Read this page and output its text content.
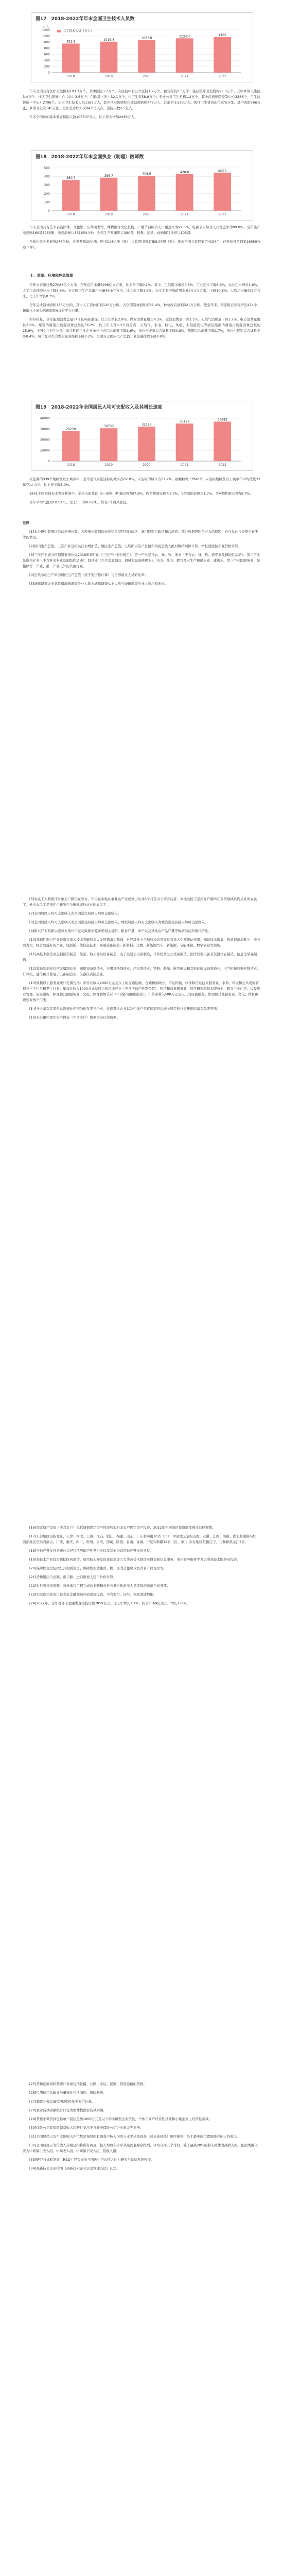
图17　2018-2022年年末全国卫生技术人员数
万人
0
200
400
600
800
1000
1200
1400
952.9
2018
1015.4
2019
1067.8
2020
1124.4
2021
1165
2022
卫生技术人员（万人）

年末全国共有医疗卫生机构103.3万个，其中医院3.7万个，在医院中有公立医院1.2万个，民营医院2.5万个；基层医疗卫生机构98.0万个，其中乡镇卫生院3.4万个，社区卫生服务中心（站）3.6万个，门诊部（所）32.1万个，村卫生室58.8万个；专业公共卫生机构1.2万个，其中疾病预防控制中心3386个，卫生监督所（中心）2796个。年末卫生技术人员1165万人，其中执业医师和执业助理医师443万人，注册护士520万人。医疗卫生机构床位975万张，其中医院766万张，乡镇卫生院145万张。全年总诊疗人次84.0亿人次，出院人数2.5亿人。

年末全国参加基本养老保险人数105307万人，比上年末增加2436万人。

图18　2018-2022年年末全国执业（助理）医师数
0
100
200
300
400
500
360.7
2018
386.7
2019
408.6
2020
428.8
2021
443.5
2022

年末全国共有艺术表演团体、文化馆、公共图书馆、博物馆等文化机构。广播节目综合人口覆盖率为99.6%，电视节目综合人口覆盖率为99.8%。全年生产电视剧160部5283集，电视动画片331850分钟。全年生产故事影片380部，科教、纪录、动画和特种影片105部。

全年出版各类报纸277亿份，各类期刊20亿册，图书114亿册（张），人均图书拥有量8.07册（张）。年末全国共有档案馆4154个，已开放各类档案18659万卷（件）。

十、资源、环境和应急管理

全年水资源总量27088亿立方米。全年总用水量5998亿立方米，比上年下降0.1%。其中，生活用水增长0.3%，工业用水下降5.3%，农业用水增长1.6%，人工生态环境补水下降5.6%。万元国内生产总值用水量49.6立方米，比上年下降1.6%。万元工业增加值用水量24.1立方米，下降10.8%。人均用水量425立方米，比上年增长0.3%。

全年完成造林面积383万公顷，其中人工造林面积120万公顷，占全部造林面积的31.4%。种草改良面积321万公顷。截至年末，国家级自然保护区474个。新增水土流失治理面积6.3万平方公里。

初步核算，全年能源消费总量54.1亿吨标准煤，比上年增长2.9%。煤炭消费量增长4.3%，原油消费量下降3.1%，天然气消费量下降1.2%，电力消费量增长3.6%。煤炭消费量占能源消费总量的56.2%，比上年上升0.3个百分点；天然气、水电、核电、风电、太阳能发电等清洁能源消费量占能源消费总量的25.9%，上升0.4个百分点。重点耗能工业企业单位电石综合能耗下降1.6%，单位合成氨综合能耗下降0.8%，吨钢综合能耗下降1.7%，单位电解铝综合能耗下降0.4%，每千瓦时火力发电标准煤耗下降0.2%。全国万元国内生产总值二氧化碳排放下降0.8%。

图19　2018-2022年全国居民人均可支配收入及其增长速度
0
10000
20000
30000
40000
28228
2018
30733
2019
32189
2020
35128
2021
36883
2022

在监测的339个地级及以上城市中，全年空气质量达标的城市占62.8%，未达标的城市占37.2%。细颗粒物（PM2.5）未达标地级及以上城市年平均浓度32微克/立方米，比上年下降3.0%。

3641个国家地表水考核断面中，全年水质优良（I～III类）断面比例为87.9%，IV类断面比例为9.7%，V类断面比例为1.7%，劣V类断面比例为0.7%。

全年平均气温为10.51℃，比上年下降0.02℃。共有5个台风登陆。

注释：

[1]本公报中数据均为初步统计数。各项统计数据均未包括香港特别行政区、澳门特别行政区和台湾省。部分数据因四舍五入的原因，存在总计与分项合计不等的情况。

[2]国内生产总值、三次产业及相关行业增加值、地区生产总值、人均国内生产总值和国民总收入绝对数按现价计算，增长速度按不变价格计算。

[3]三次产业划分依据国家统计局2018年修订的《三次产业划分规定》。第一产业是指农、林、牧、渔业（不含农、林、牧、渔专业及辅助性活动）。第二产业是指采矿业（不含开采专业及辅助性活动），制造业（不含金属制品、机械和设备修理业），电力、热力、燃气及水生产和供应业，建筑业。第三产业即服务业，是指除第一产业、第二产业以外的其他行业。

[4]全员劳动生产率为国内生产总值（按不变价格计算）与全部就业人员的比率。

[5]城镇调查失业率是指城镇调查失业人数占城镇调查从业人数与城镇调查失业人数之和的比。

[6]农民工人数统计对象为户籍仍在农村，年内在本地从事非农产业或外出从业6个月及以上的劳动者。本地农民工是指在户籍所在乡镇地域以内从业的农民工；外出农民工是指在户籍所在乡镇地域外从业的农民工。

[7]全国居民人均可支配收入为全国常住居民人均可支配收入。

[8]全国居民人均可支配收入为全国常住居民人均可支配收入，城镇居民人均可支配收入为城镇常住居民人均可支配收入。

[9]新兴产业和新兴服务业统计口径及数据来源详见相关说明。粮食产量、单产以及其他农产品产量等数据为初步统计结果。

[10]战略性新兴产业是指以重大技术突破和重大发展需求为基础，对经济社会全局和长远发展具有重大引领带动作用，知识技术密集、物质资源消耗少、成长潜力大、综合效益好的产业，包括新一代信息技术、高端装备制造、新材料、生物、新能源汽车、新能源、节能环保、数字创意等领域。

[11]高技术制造业包括医药制造，航空、航天器及设备制造，电子及通信设备制造，计算机及办公设备制造，医疗仪器设备及仪器仪表制造，信息化学品制造。

[12]装备制造业包括金属制品业，通用设备制造业，专用设备制造业，汽车制造业，铁路、船舶、航空航天和其他运输设备制造业，电气机械和器材制造业，计算机、通信和其他电子设备制造业，仪器仪表制造业。

[13]规模以上服务业统计范围包括：年营业收入2000万元及以上的交通运输、仓储和邮政业，信息传输、软件和信息技术服务业，水利、环境和公共设施管理业三个门类和卫生行业；年营业收入1000万元及以上的房地产业（不含房地产开发经营），租赁和商务服务业，科学研究和技术服务业，教育三个门类，以及物业管理、居民服务、修理和其他服务业，文化、体育和娱乐业（不含新闻和出版业）；年营业收入500万元及以上的居民服务、修理和其他服务业，文化、体育和娱乐业两个门类。

[14]社会消费品零售总额统计范围为批发零售企业、住宿餐饮企业以及个体户等直接销售给城乡居民和社会集团的消费品零售额。

[15]本公报中固定资产投资（不含农户）数据为全口径数据。

[16]固定资产投资（不含农户）包括城镇固定资产投资和农村非农户固定资产投资，2022年不同地区投资额度统计口径调整。

[17]东部地区是指北京、天津、河北、上海、江苏、浙江、福建、山东、广东和海南10省（市）；中部地区是指山西、安徽、江西、河南、湖北和湖南6省；西部地区是指内蒙古、广西、重庆、四川、贵州、云南、西藏、陕西、甘肃、青海、宁夏和新疆12省（区、市）；东北地区是指辽宁、吉林和黑龙江3省。

[18]房地产开发投资统计口径包括房地产开发企业以及其他经营房地产开发的单位。

[19]高技术产业投资包括医药制造、航空航天器及设备制造等六大类高技术制造业投资和信息服务、电子商务服务等九大类高技术服务业投资。

[20]保障性住房包括公共租赁住房、保障性租赁住房、棚户区改造住房以及共有产权住房等。

[21]货物进出口总额、出口额、进口额按人民币计价计算。

[22]对外直接投资额、对外承包工程完成营业额和对外劳务合作派出人员等数据来源于商务部。

[23]实际使用外资口径为非金融领域外商直接投资，不含银行、证券、保险领域数据。

[24]2022年，全年对外非金融类直接投资额7859亿元，比上年增长7.2%，折合1169亿美元，增长2.8%。

[25]货物运输周转量统计对象包括铁路、公路、水运、民航、管道运输的货物。

[26]民用航空运输业务量统计包括国内、国际航线。

[27]邮政业务总量按照2020年不变价计算。

[28]农业贷款余额统计口径为农林牧渔业贷款余额。

[29]普惠小微贷款包括单户授信总额1000万元及以下的小微型企业贷款、个体工商户经营性贷款和小微企业主经营性贷款。

[30]保险公司原保险保费收入和赔付支出不含养老保险公司企业年金等业务。

[31]全国居民人均可支配收入中位数是指将所有调查户按人均收入水平从低到高（或从高到低）顺序排列，处于最中间位置调查户的人均收入。

[32]全国居民五等份收入分组是指将所有调查户按人均收入水平从高到低顺序排列，平均分为五个等份，处于最高20%的收入群体为高收入组，依此类推依次为中间偏上收入组、中间收入组、中间偏下收入组、低收入组。

[33]研究与试验发展（R&D）经费支出与国内生产总值之比为研究与试验发展强度。

[34]高新技术企业按照《高新技术企业认定管理办法》认定。
